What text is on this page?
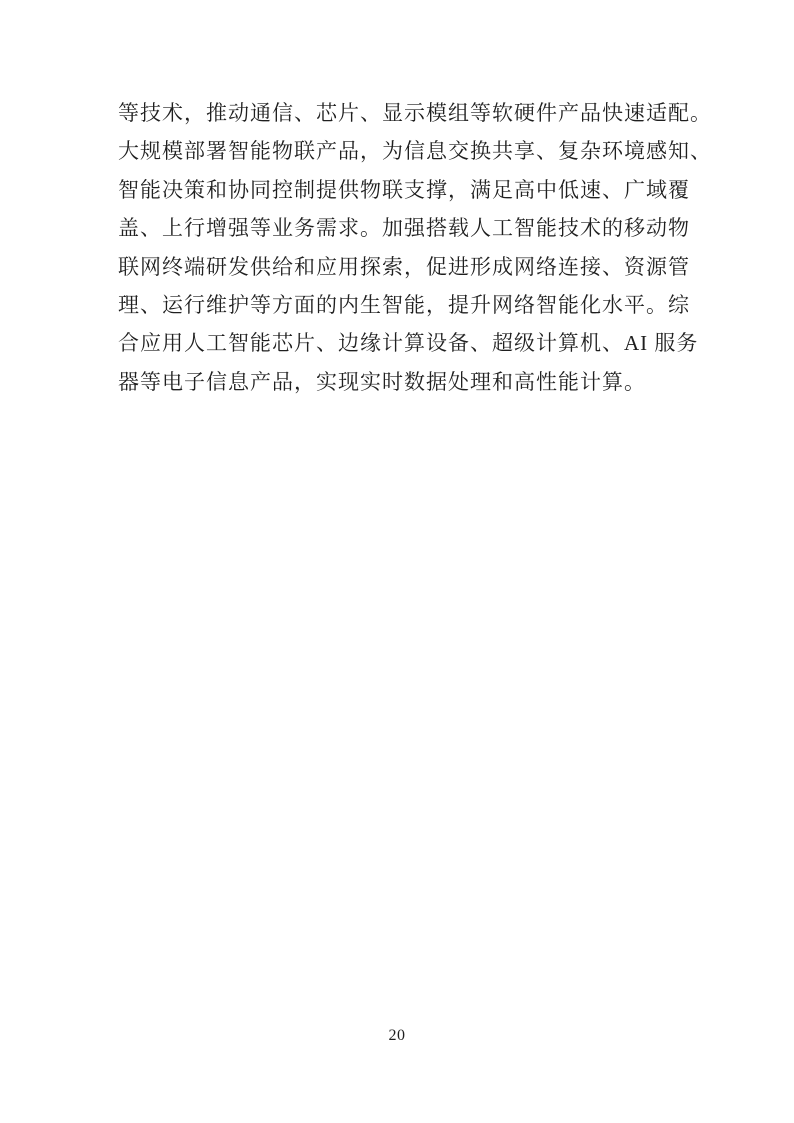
等技术，推动通信、芯片、显示模组等软硬件产品快速适配。
大规模部署智能物联产品，为信息交换共享、复杂环境感知、
智能决策和协同控制提供物联支撑，满足高中低速、广域覆
盖、上行增强等业务需求。加强搭载人工智能技术的移动物
联网终端研发供给和应用探索，促进形成网络连接、资源管
理、运行维护等方面的内生智能，提升网络智能化水平。综
合应用人工智能芯片、边缘计算设备、超级计算机、AI 服务
器等电子信息产品，实现实时数据处理和高性能计算。
20
